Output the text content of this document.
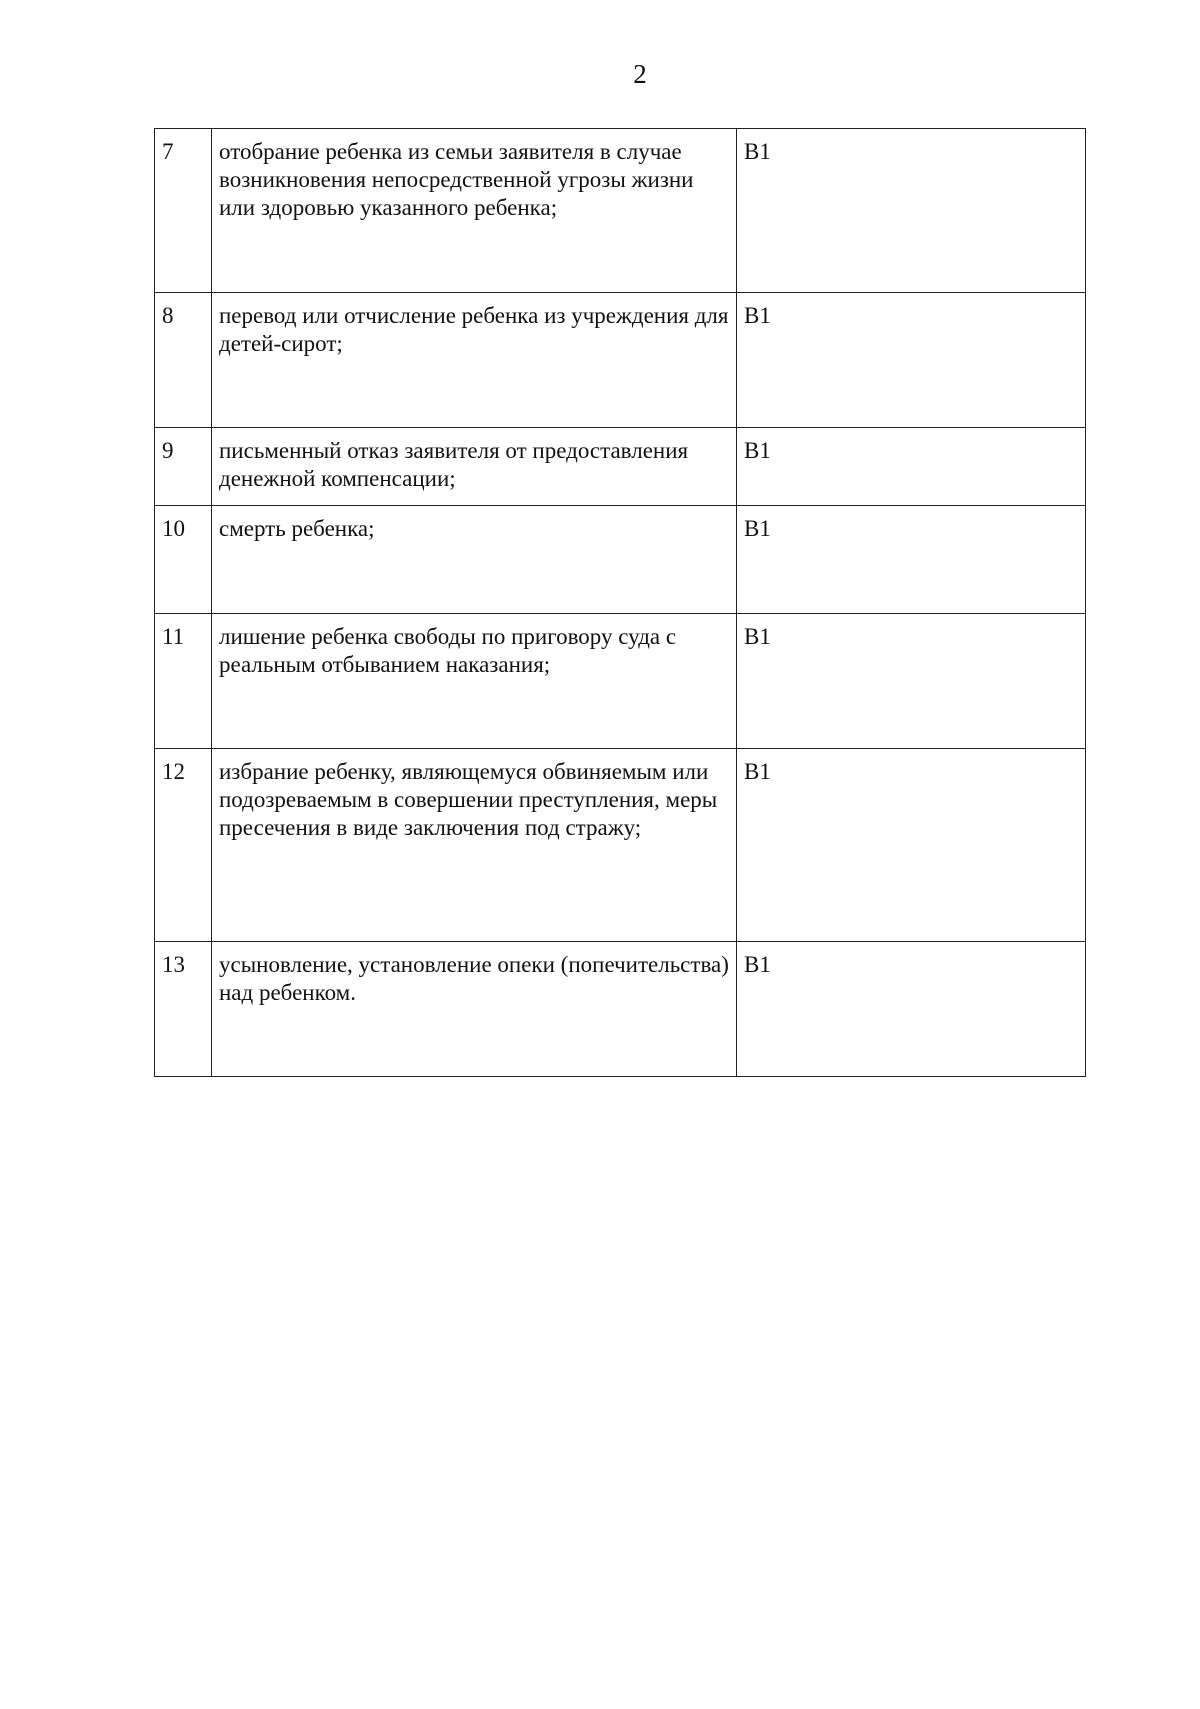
2
7	отобрание ребенка из семьи заявителя в случае возникновения непосредственной угрозы жизни или здоровью указанного ребенка;	В1
8	перевод или отчисление ребенка из учреждения для детей-сирот;	В1
9	письменный отказ заявителя от предоставления денежной компенсации;	В1
10	смерть ребенка;	В1
11	лишение ребенка свободы по приговору суда с реальным отбыванием наказания;	В1
12	избрание ребенку, являющемуся обвиняемым или подозреваемым в совершении преступления, меры пресечения в виде заключения под стражу;	В1
13	усыновление, установление опеки (попечительства) над ребенком.	В1
